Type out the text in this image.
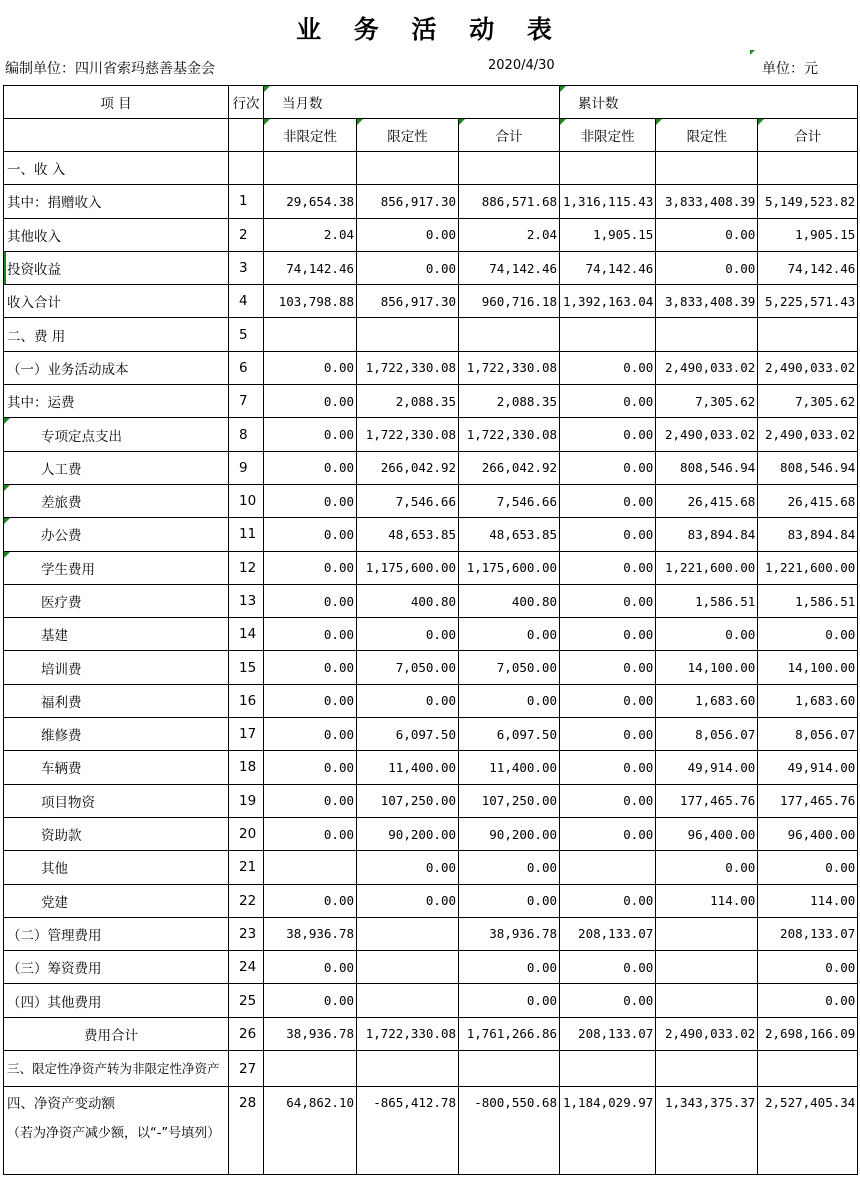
业 务 活 动 表
编制单位：四川省索玛慈善基金会	2020/4/30	单位：元
项 目	行次	当月数			累计数		

非限定性	限定性	合计	非限定性	限定性	合计
一、收 入							
其中：捐赠收入	1	29,654.38	856,917.30	886,571.68	1,316,115.43	3,833,408.39	5,149,523.82
其他收入	2	2.04	0.00	2.04	1,905.15	0.00	1,905.15

投资收益	3	74,142.46	0.00	74,142.46	74,142.46	0.00	74,142.46
收入合计	4	103,798.88	856,917.30	960,716.18	1,392,163.04	3,833,408.39	5,225,571.43
二、费 用	5						
（一）业务活动成本	6	0.00	1,722,330.08	1,722,330.08	0.00	2,490,033.02	2,490,033.02
其中：运费	7	0.00	2,088.35	2,088.35	0.00	7,305.62	7,305.62

专项定点支出	8	0.00	1,722,330.08	1,722,330.08	0.00	2,490,033.02	2,490,033.02
人工费	9	0.00	266,042.92	266,042.92	0.00	808,546.94	808,546.94

差旅费	10	0.00	7,546.66	7,546.66	0.00	26,415.68	26,415.68

办公费	11	0.00	48,653.85	48,653.85	0.00	83,894.84	83,894.84

学生费用	12	0.00	1,175,600.00	1,175,600.00	0.00	1,221,600.00	1,221,600.00
医疗费	13	0.00	400.80	400.80	0.00	1,586.51	1,586.51
基建	14	0.00	0.00	0.00	0.00	0.00	0.00
培训费	15	0.00	7,050.00	7,050.00	0.00	14,100.00	14,100.00
福利费	16	0.00	0.00	0.00	0.00	1,683.60	1,683.60
维修费	17	0.00	6,097.50	6,097.50	0.00	8,056.07	8,056.07
车辆费	18	0.00	11,400.00	11,400.00	0.00	49,914.00	49,914.00
项目物资	19	0.00	107,250.00	107,250.00	0.00	177,465.76	177,465.76
资助款	20	0.00	90,200.00	90,200.00	0.00	96,400.00	96,400.00
其他	21		0.00	0.00		0.00	0.00
党建	22	0.00	0.00	0.00	0.00	114.00	114.00
（二）管理费用	23	38,936.78		38,936.78	208,133.07		208,133.07
（三）筹资费用	24	0.00		0.00	0.00		0.00
（四）其他费用	25	0.00		0.00	0.00		0.00
费用合计	26	38,936.78	1,722,330.08	1,761,266.86	208,133.07	2,490,033.02	2,698,166.09
三、限定性净资产转为非限定性净资产	27						
四、净资产变动额
（若为净资产减少额，以“-”号填列）	28	64,862.10	-865,412.78	-800,550.68	1,184,029.97	1,343,375.37	2,527,405.34
